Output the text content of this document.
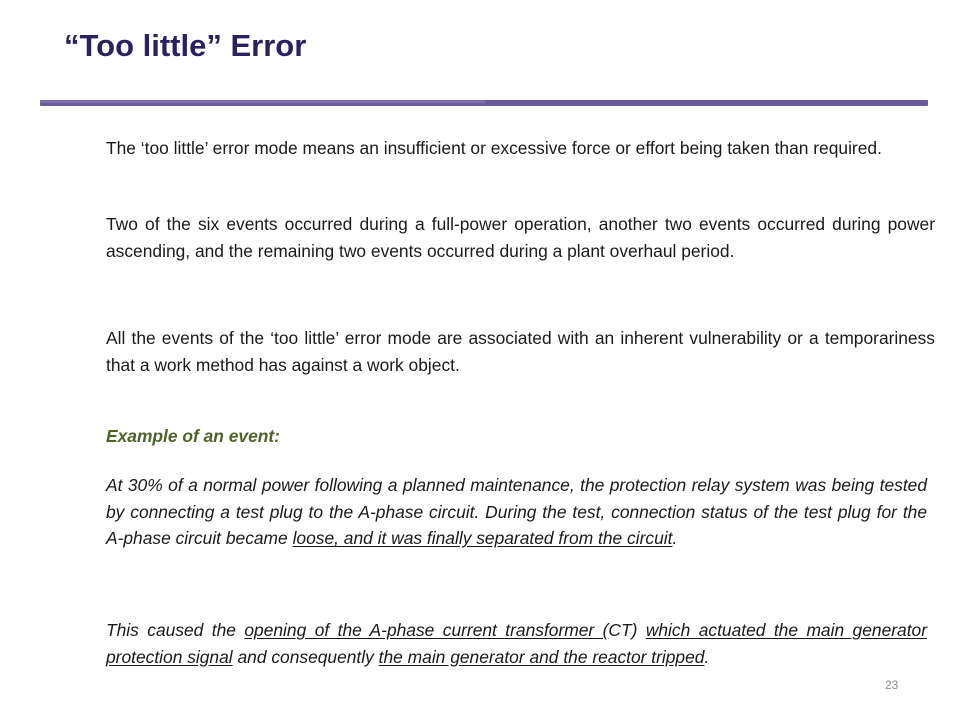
“Too little” Error

The ‘too little’ error mode means an insufficient or excessive force or effort being taken than required.

Two of the six events occurred during a full-power operation, another two events occurred during power ascending, and the remaining two events occurred during a plant overhaul period.

All the events of the ‘too little’ error mode are associated with an inherent vulnerability or a temporariness that a work method has against a work object.

Example of an event:

At 30% of a normal power following a planned maintenance, the protection relay system was being tested by connecting a test plug to the A-phase circuit. During the test, connection status of the test plug for the A-phase circuit became loose, and it was finally separated from the circuit.

This caused the opening of the A-phase current transformer (CT) which actuated the main generator protection signal and consequently the main generator and the reactor tripped.

23
